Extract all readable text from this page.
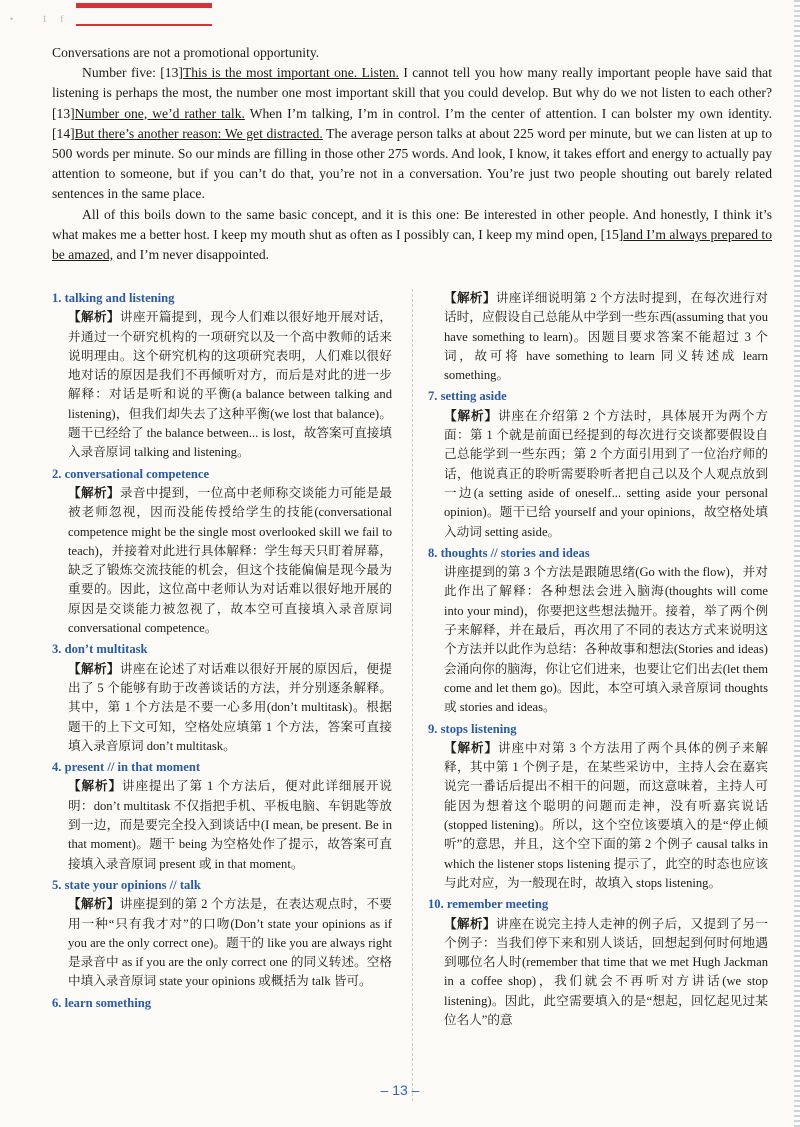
•     1  f

Conversations are not a promotional opportunity.

Number five: [13]This is the most important one. Listen. I cannot tell you how many really important people have said that listening is perhaps the most, the number one most important skill that you could develop. But why do we not listen to each other? [13]Number one, we’d rather talk. When I’m talking, I’m in control. I’m the center of attention. I can bolster my own identity. [14]But there’s another reason: We get distracted. The average person talks at about 225 word per minute, but we can listen at up to 500 words per minute. So our minds are filling in those other 275 words. And look, I know, it takes effort and energy to actually pay attention to someone, but if you can’t do that, you’re not in a conversation. You’re just two people shouting out barely related sentences in the same place.

All of this boils down to the same basic concept, and it is this one: Be interested in other people. And honestly, I think it’s what makes me a better host. I keep my mouth shut as often as I possibly can, I keep my mind open, [15]and I’m always prepared to be amazed, and I’m never disappointed.

1. talking and listening

【解析】讲座开篇提到，现今人们难以很好地开展对话，并通过一个研究机构的一项研究以及一个高中教师的话来说明理由。这个研究机构的这项研究表明，人们难以很好地对话的原因是我们不再倾听对方，而后是对此的进一步解释：对话是听和说的平衡(a balance between talking and listening)，但我们却失去了这种平衡(we lost that balance)。题干已经给了 the balance between... is lost，故答案可直接填入录音原词 talking and listening。

2. conversational competence

【解析】录音中提到，一位高中老师称交谈能力可能是最被老师忽视，因而没能传授给学生的技能(conversational competence might be the single most overlooked skill we fail to teach)，并接着对此进行具体解释：学生每天只盯着屏幕，缺乏了锻炼交流技能的机会，但这个技能偏偏是现今最为重要的。因此，这位高中老师认为对话难以很好地开展的原因是交谈能力被忽视了，故本空可直接填入录音原词 conversational competence。

3. don’t multitask

【解析】讲座在论述了对话难以很好开展的原因后，便提出了 5 个能够有助于改善谈话的方法，并分别逐条解释。其中，第 1 个方法是不要一心多用(don’t multitask)。根据题干的上下文可知，空格处应填第 1 个方法，答案可直接填入录音原词 don’t multitask。

4. present // in that moment

【解析】讲座提出了第 1 个方法后，便对此详细展开说明：don’t multitask 不仅指把手机、平板电脑、车钥匙等放到一边，而是要完全投入到谈话中(I mean, be present. Be in that moment)。题干 being 为空格处作了提示，故答案可直接填入录音原词 present 或 in that moment。

5. state your opinions // talk

【解析】讲座提到的第 2 个方法是，在表达观点时，不要用一种“只有我才对”的口吻(Don’t state your opinions as if you are the only correct one)。题干的 like you are always right 是录音中 as if you are the only correct one 的同义转述。空格中填入录音原词 state your opinions 或概括为 talk 皆可。

6. learn something

【解析】讲座详细说明第 2 个方法时提到，在每次进行对话时，应假设自己总能从中学到一些东西(assuming that you have something to learn)。因题目要求答案不能超过 3 个词，故可将 have something to learn 同义转述成 learn something。

7. setting aside

【解析】讲座在介绍第 2 个方法时，具体展开为两个方面：第 1 个就是前面已经提到的每次进行交谈都要假设自己总能学到一些东西；第 2 个方面引用到了一位治疗师的话，他说真正的聆听需要聆听者把自己以及个人观点放到一边(a setting aside of oneself... setting aside your personal opinion)。题干已给 yourself and your opinions，故空格处填入动词 setting aside。

8. thoughts // stories and ideas

讲座提到的第 3 个方法是跟随思绪(Go with the flow)，并对此作出了解释：各种想法会进入脑海(thoughts will come into your mind)，你要把这些想法抛开。接着，举了两个例子来解释，并在最后，再次用了不同的表达方式来说明这个方法并以此作为总结：各种故事和想法(Stories and ideas)会涌向你的脑海，你让它们进来，也要让它们出去(let them come and let them go)。因此，本空可填入录音原词 thoughts 或 stories and ideas。

9. stops listening

【解析】讲座中对第 3 个方法用了两个具体的例子来解释，其中第 1 个例子是，在某些采访中，主持人会在嘉宾说完一番话后提出不相干的问题，而这意味着，主持人可能因为想着这个聪明的问题而走神，没有听嘉宾说话(stopped listening)。所以，这个空位该要填入的是“停止倾听”的意思，并且，这个空下面的第 2 个例子 causal talks in which the listener stops listening 提示了，此空的时态也应该与此对应，为一般现在时，故填入 stops listening。

10. remember meeting

【解析】讲座在说完主持人走神的例子后，又提到了另一个例子：当我们停下来和别人谈话，回想起到何时何地遇到哪位名人时(remember that time that we met Hugh Jackman in a coffee shop)，我们就会不再听对方讲话(we stop listening)。因此，此空需要填入的是“想起，回忆起见过某位名人”的意

– 13 –
